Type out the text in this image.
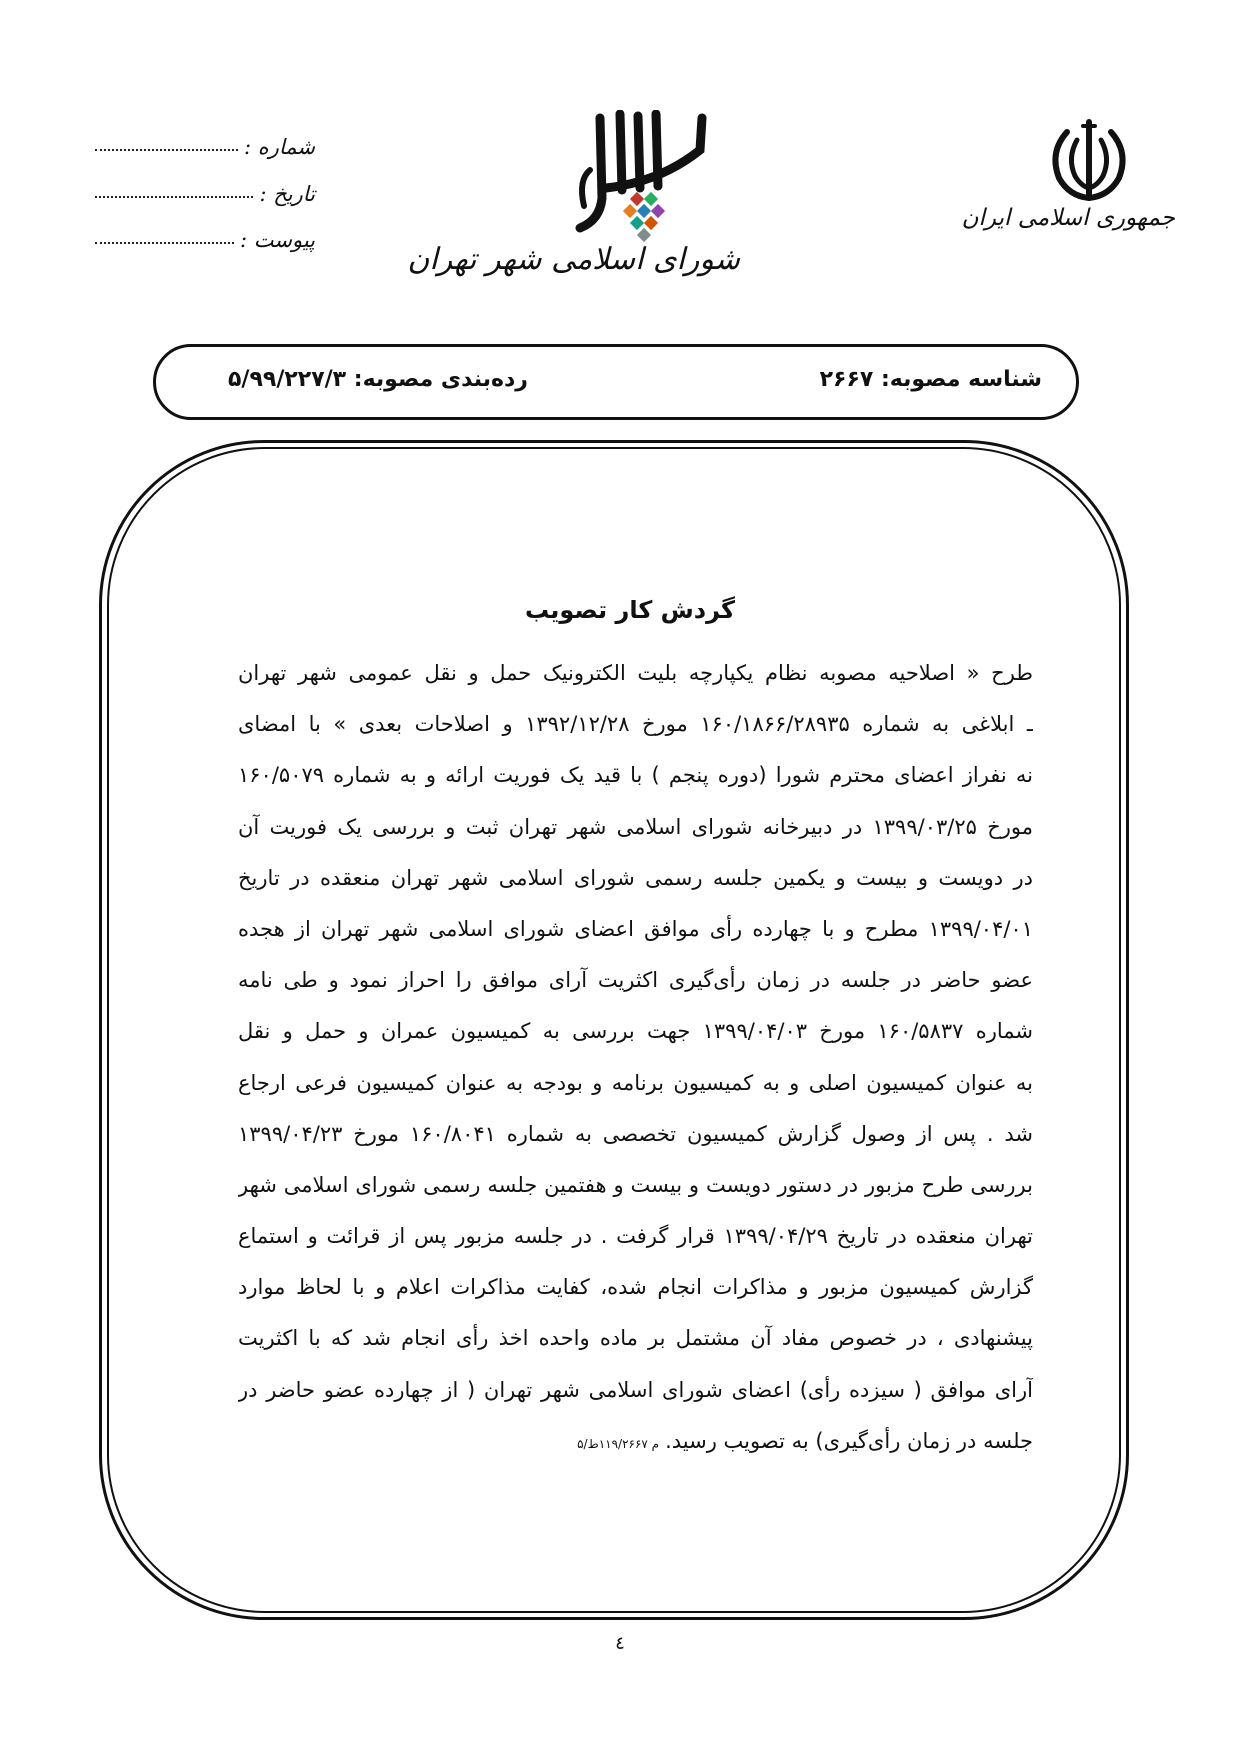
شماره :
تاریخ :
پیوست :
شورای اسلامی شهر تهران
جمهوری اسلامی ایران
شناسه مصوبه: ۲۶۶۷
رده‌بندی مصوبه: ۵/۹۹/۲۲۷/۳
گردش کار تصویب
طرح « اصلاحیه مصوبه نظام یکپارچه بلیت الکترونیک حمل و نقل عمومی شهر تهران
ـ ابلاغی به شماره ۱۶۰/۱۸۶۶/۲۸۹۳۵ مورخ ۱۳۹۲/۱۲/۲۸ و اصلاحات بعدی » با امضای
نه نفراز اعضای محترم شورا (دوره پنجم ) با قید یک فوریت ارائه و به شماره ۱۶۰/۵۰۷۹
مورخ ۱۳۹۹/۰۳/۲۵ در دبیرخانه شورای اسلامی شهر تهران ثبت و بررسی یک فوریت آن
در دویست و بیست و یکمین جلسه رسمی شورای اسلامی شهر تهران منعقده در تاریخ
۱۳۹۹/۰۴/۰۱ مطرح و با چهارده رأی موافق اعضای شورای اسلامی شهر تهران از هجده
عضو حاضر در جلسه در زمان رأی‌گیری اکثریت آرای موافق را احراز نمود و طی نامه
شماره ۱۶۰/۵۸۳۷ مورخ ۱۳۹۹/۰۴/۰۳ جهت بررسی به کمیسیون عمران و حمل و نقل
به عنوان کمیسیون اصلی و به کمیسیون برنامه و بودجه به عنوان کمیسیون فرعی ارجاع
شد . پس از وصول گزارش کمیسیون تخصصی به شماره ۱۶۰/۸۰۴۱ مورخ ۱۳۹۹/۰۴/۲۳
بررسی طرح مزبور در دستور دویست و بیست و هفتمین جلسه رسمی شورای اسلامی شهر
تهران منعقده در تاریخ ۱۳۹۹/۰۴/۲۹ قرار گرفت . در جلسه مزبور پس از قرائت و استماع
گزارش کمیسیون مزبور و مذاکرات انجام شده، کفایت مذاکرات اعلام و با لحاظ موارد
پیشنهادی ، در خصوص مفاد آن مشتمل بر ماده واحده اخذ رأی انجام شد که با اکثریت
آرای موافق ( سیزده رأی) اعضای شورای اسلامی شهر تهران ( از چهارده عضو حاضر در
جلسه در زمان رأی‌گیری) به تصویب رسید.م ۱۱۹/۲۶۶۷ط/۵
٤
